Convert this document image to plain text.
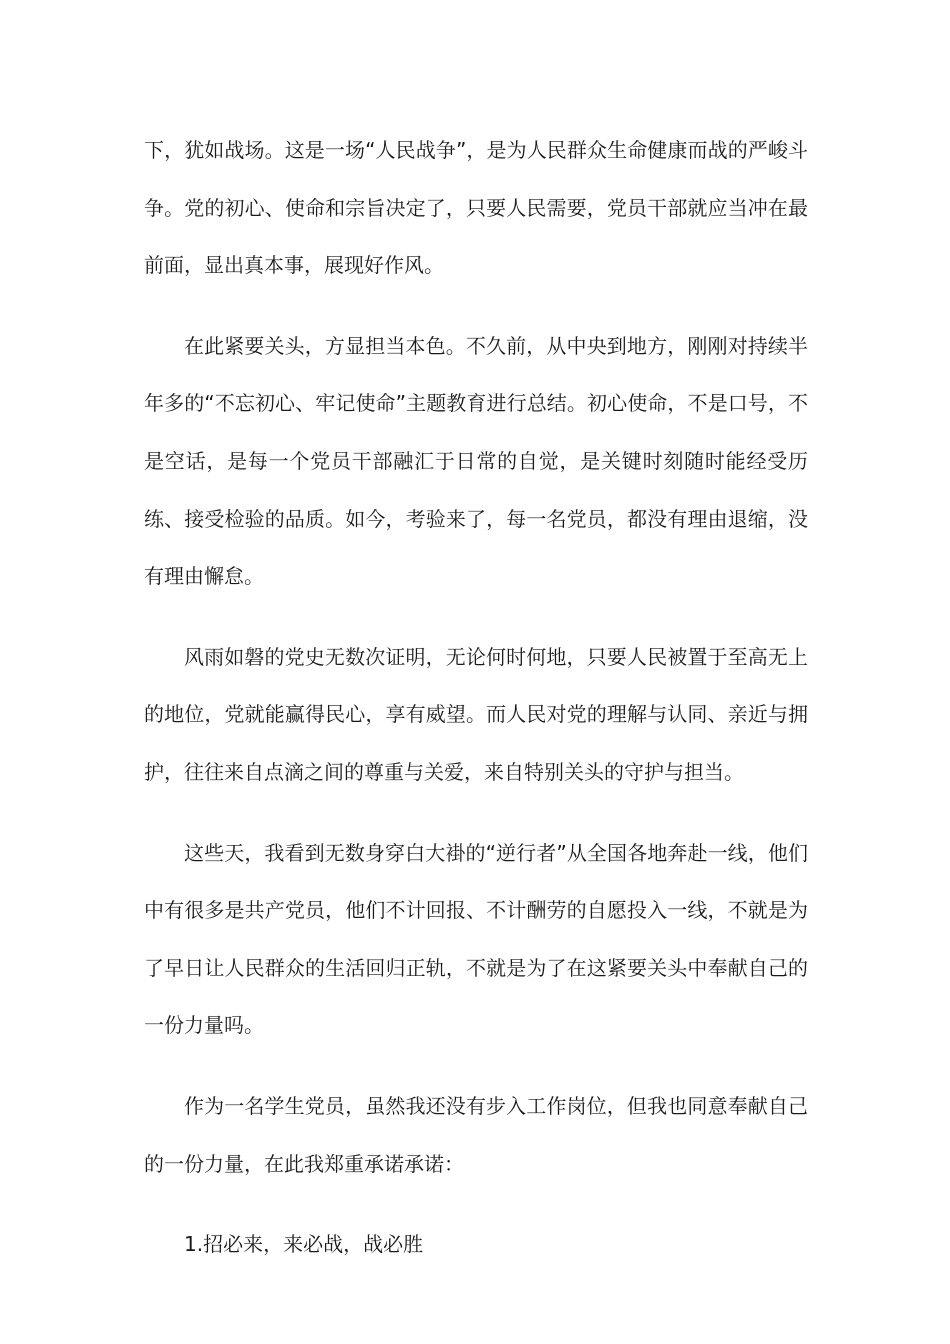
下，犹如战场。这是一场“人民战争”，是为人民群众生命健康而战的严峻斗争。党的初心、使命和宗旨决定了，只要人民需要，党员干部就应当冲在最前面，显出真本事，展现好作风。

在此紧要关头，方显担当本色。不久前，从中央到地方，刚刚对持续半年多的“不忘初心、牢记使命”主题教育进行总结。初心使命，不是口号，不是空话，是每一个党员干部融汇于日常的自觉，是关键时刻随时能经受历练、接受检验的品质。如今，考验来了，每一名党员，都没有理由退缩，没有理由懈怠。

风雨如磐的党史无数次证明，无论何时何地，只要人民被置于至高无上的地位，党就能赢得民心，享有威望。而人民对党的理解与认同、亲近与拥护，往往来自点滴之间的尊重与关爱，来自特别关头的守护与担当。

这些天，我看到无数身穿白大褂的“逆行者”从全国各地奔赴一线，他们中有很多是共产党员，他们不计回报、不计酬劳的自愿投入一线，不就是为了早日让人民群众的生活回归正轨，不就是为了在这紧要关头中奉献自己的一份力量吗。

作为一名学生党员，虽然我还没有步入工作岗位，但我也同意奉献自己的一份力量，在此我郑重承诺承诺：

1.招必来，来必战，战必胜
